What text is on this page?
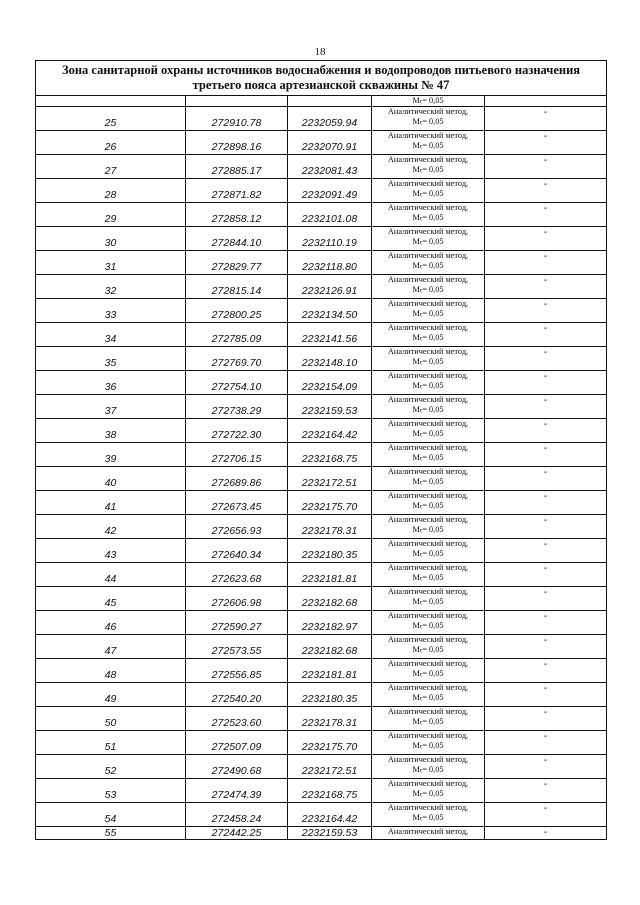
18
Зона санитарной охраны источников водоснабжения и водопроводов питьевого назначения
третьего пояса артезианской скважины № 47				

			Mₜ= 0,05	

25	272910.78	2232059.94	Аналитический метод,
Mₜ= 0,05	-

26	272898.16	2232070.91	Аналитический метод,
Mₜ= 0,05	-

27	272885.17	2232081.43	Аналитический метод,
Mₜ= 0,05	-

28	272871.82	2232091.49	Аналитический метод,
Mₜ= 0,05	-

29	272858.12	2232101.08	Аналитический метод,
Mₜ= 0,05	-

30	272844.10	2232110.19	Аналитический метод,
Mₜ= 0,05	-

31	272829.77	2232118.80	Аналитический метод,
Mₜ= 0,05	-

32	272815.14	2232126.91	Аналитический метод,
Mₜ= 0,05	-

33	272800.25	2232134.50	Аналитический метод,
Mₜ= 0,05	-

34	272785.09	2232141.56	Аналитический метод,
Mₜ= 0,05	-

35	272769.70	2232148.10	Аналитический метод,
Mₜ= 0,05	-

36	272754.10	2232154.09	Аналитический метод,
Mₜ= 0,05	-

37	272738.29	2232159.53	Аналитический метод,
Mₜ= 0,05	-

38	272722.30	2232164.42	Аналитический метод,
Mₜ= 0,05	-

39	272706.15	2232168.75	Аналитический метод,
Mₜ= 0,05	-

40	272689.86	2232172.51	Аналитический метод,
Mₜ= 0,05	-

41	272673.45	2232175.70	Аналитический метод,
Mₜ= 0,05	-

42	272656.93	2232178.31	Аналитический метод,
Mₜ= 0,05	-

43	272640.34	2232180.35	Аналитический метод,
Mₜ= 0,05	-

44	272623.68	2232181.81	Аналитический метод,
Mₜ= 0,05	-

45	272606.98	2232182.68	Аналитический метод,
Mₜ= 0,05	-

46	272590.27	2232182.97	Аналитический метод,
Mₜ= 0,05	-

47	272573.55	2232182.68	Аналитический метод,
Mₜ= 0,05	-

48	272556.85	2232181.81	Аналитический метод,
Mₜ= 0,05	-

49	272540.20	2232180.35	Аналитический метод,
Mₜ= 0,05	-

50	272523.60	2232178.31	Аналитический метод,
Mₜ= 0,05	-

51	272507.09	2232175.70	Аналитический метод,
Mₜ= 0,05	-

52	272490.68	2232172.51	Аналитический метод,
Mₜ= 0,05	-

53	272474.39	2232168.75	Аналитический метод,
Mₜ= 0,05	-

54	272458.24	2232164.42	Аналитический метод,
Mₜ= 0,05	-

55	272442.25	2232159.53	Аналитический метод,	-
